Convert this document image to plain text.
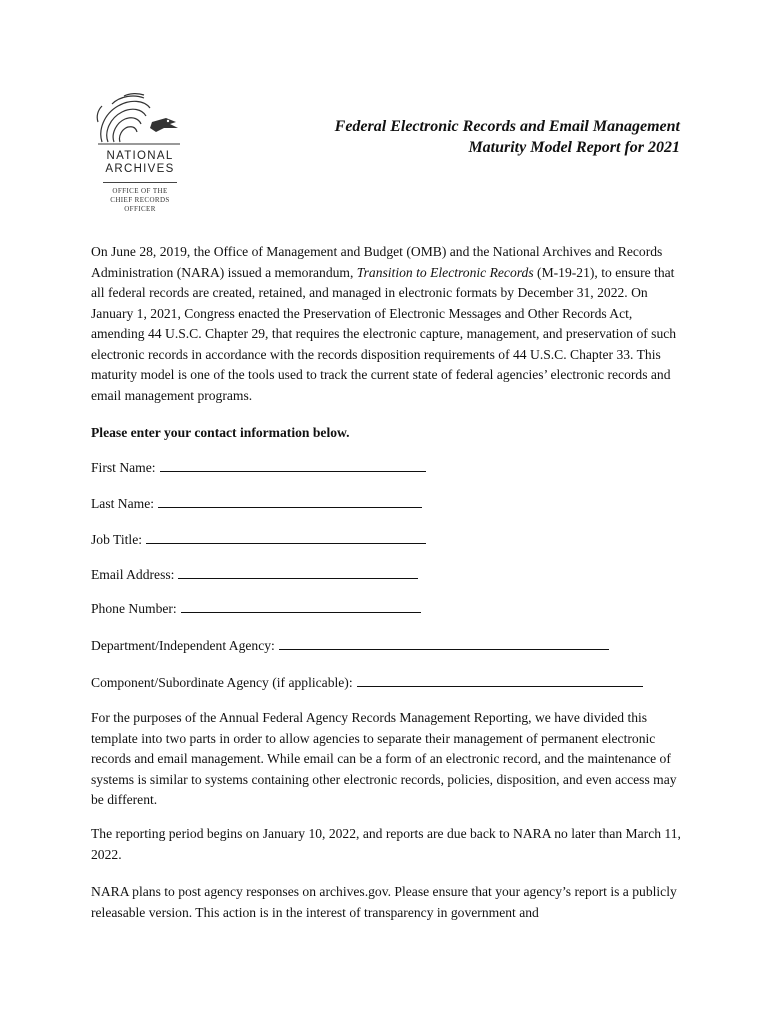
NATIONAL
ARCHIVES
OFFICE OF THE
CHIEF RECORDS
OFFICER
Federal Electronic Records and Email Management
Maturity Model Report for 2021

On June 28, 2019, the Office of Management and Budget (OMB) and the National Archives and Records Administration (NARA) issued a memorandum, Transition to Electronic Records (M-19-21), to ensure that all federal records are created, retained, and managed in electronic formats by December 31, 2022. On January 1, 2021, Congress enacted the Preservation of Electronic Messages and Other Records Act, amending 44 U.S.C. Chapter 29, that requires the electronic capture, management, and preservation of such electronic records in accordance with the records disposition requirements of 44 U.S.C. Chapter 33. This maturity model is one of the tools used to track the current state of federal agencies’ electronic records and email management programs.

Please enter your contact information below.
First Name:
Last Name:
Job Title:
Email Address:
Phone Number:
Department/Independent Agency:
Component/Subordinate Agency (if applicable):
For the purposes of the Annual Federal Agency Records Management Reporting, we have divided this template into two parts in order to allow agencies to separate their management of permanent electronic records and email management. While email can be a form of an electronic record, and the maintenance of systems is similar to systems containing other electronic records, policies, disposition, and even access may be different.
The reporting period begins on January 10, 2022, and reports are due back to NARA no later than March 11, 2022.
NARA plans to post agency responses on archives.gov. Please ensure that your agency’s report is a publicly releasable version. This action is in the interest of transparency in government and
